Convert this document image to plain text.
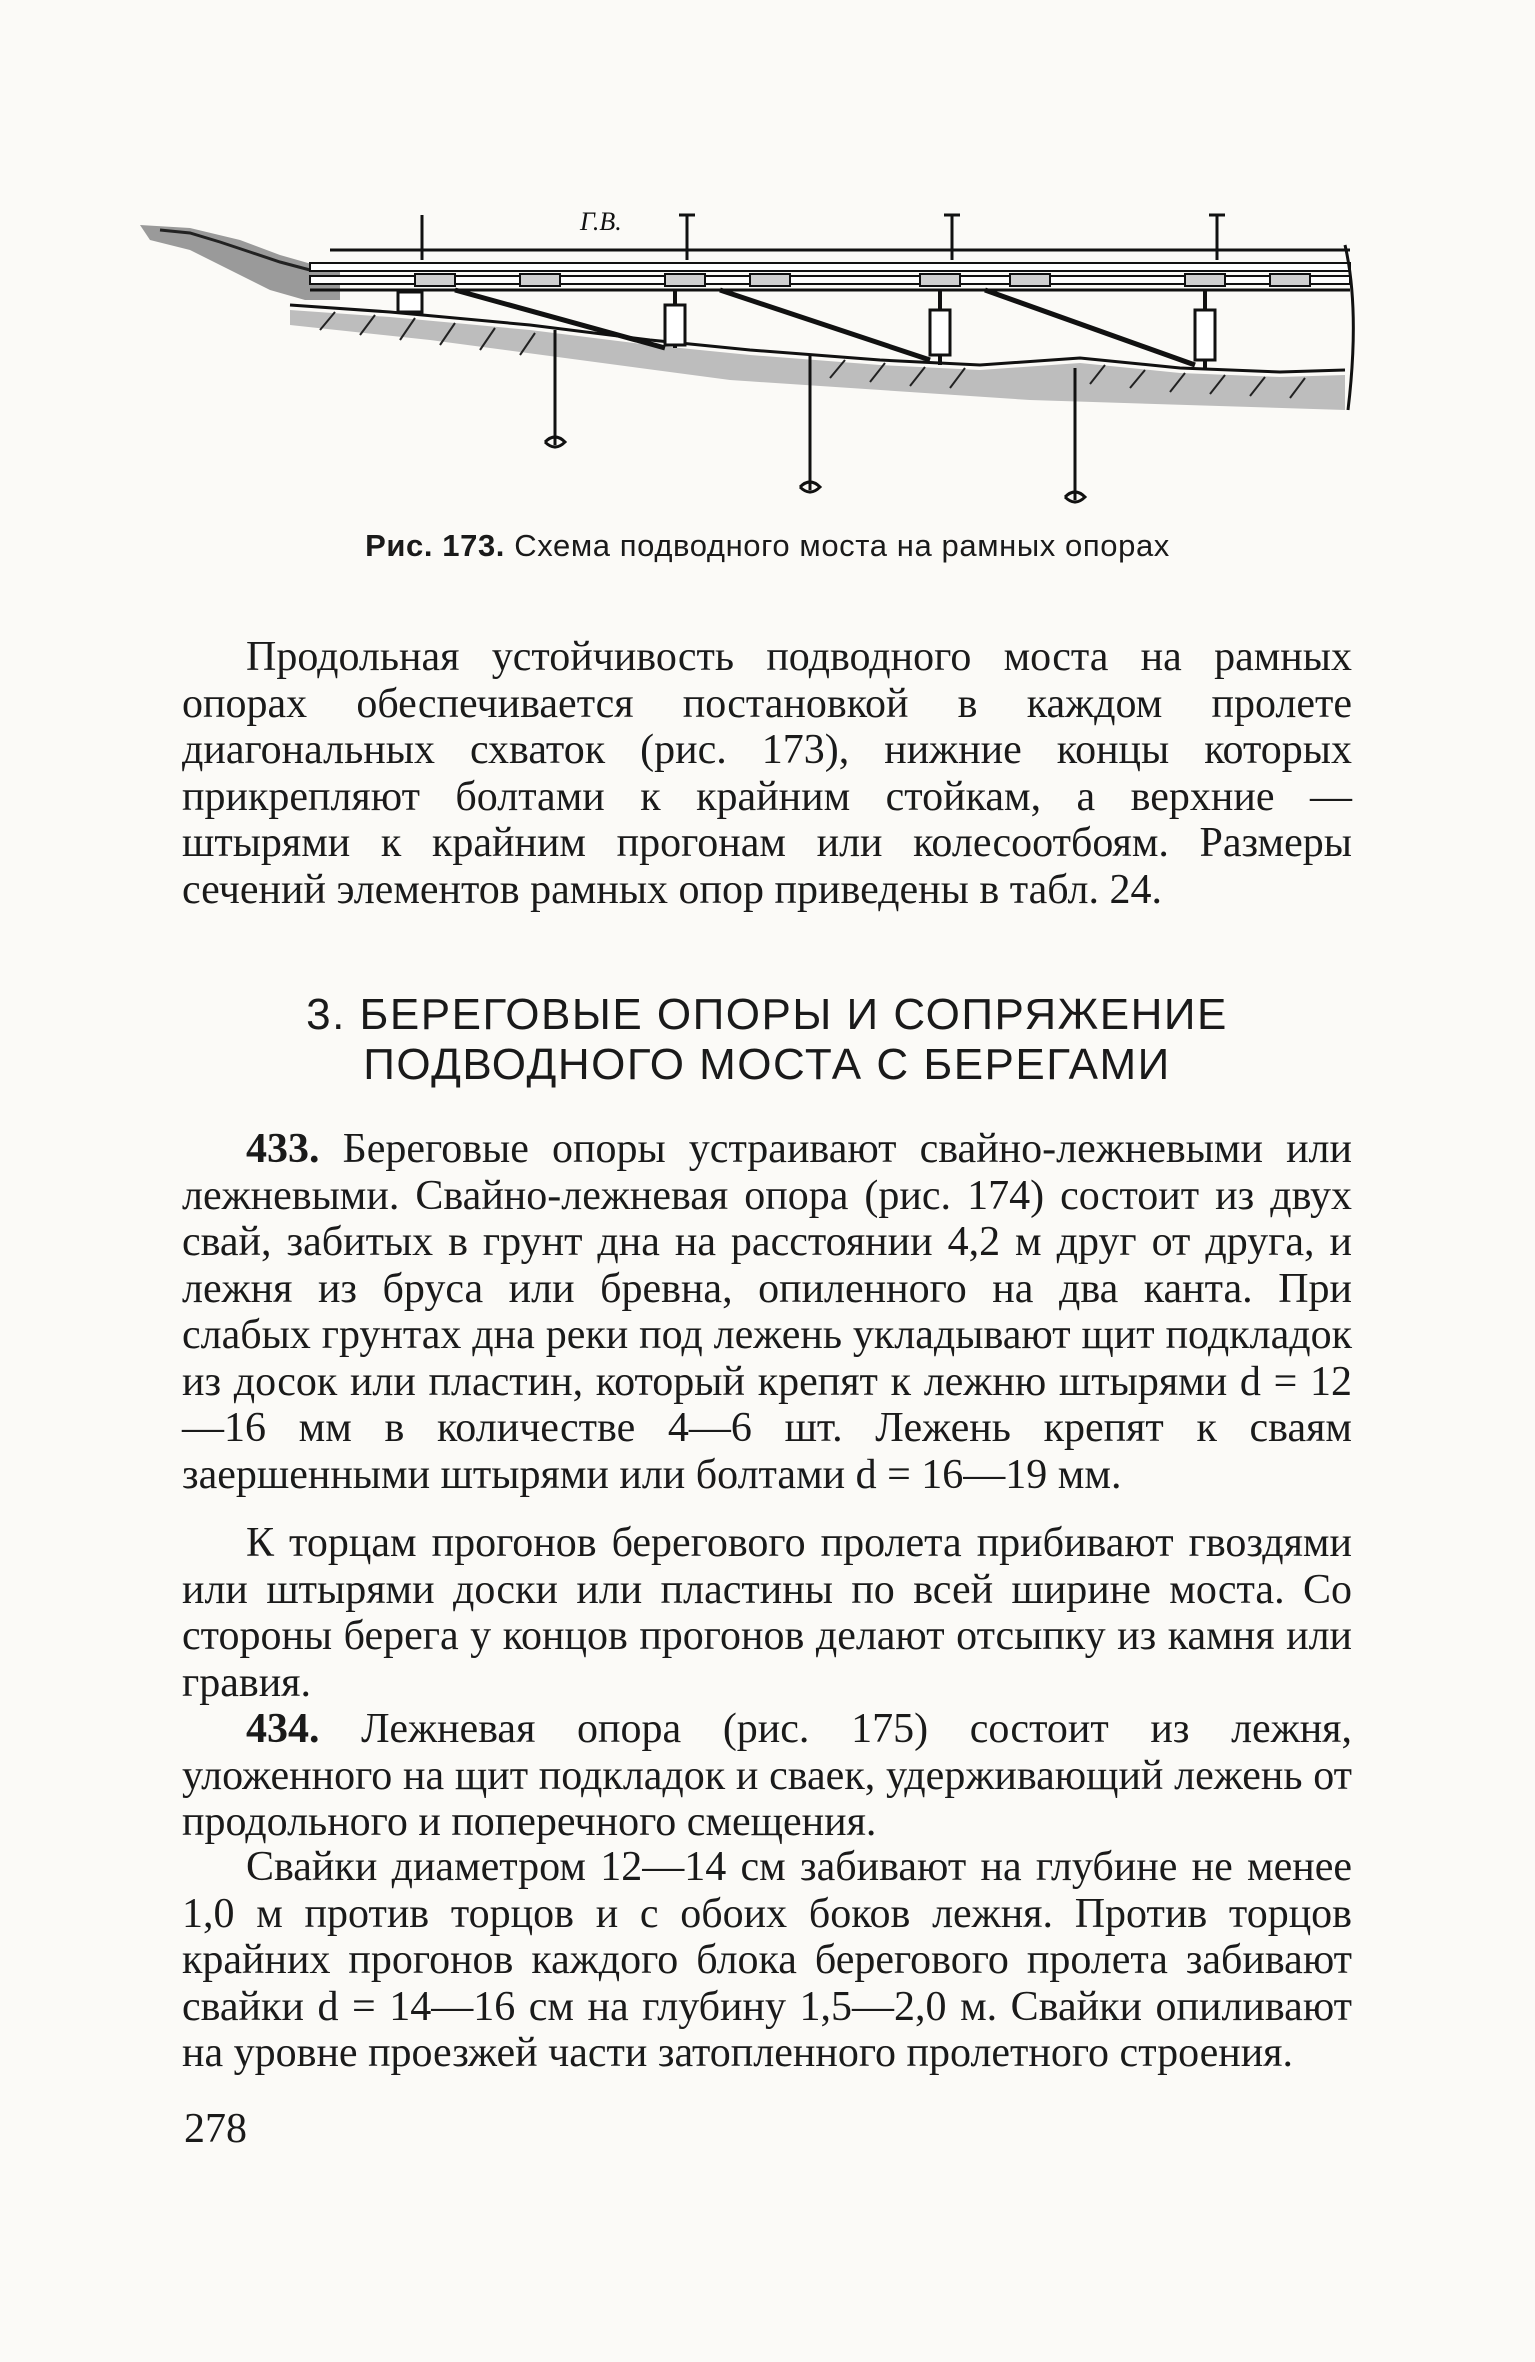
Г.В.
Рис. 173. Схема подводного моста на рамных опорах

Продольная устойчивость подводного моста на рамных опорах обеспечивается постановкой в каждом пролете диагональных схваток (рис. 173), нижние концы которых прикрепляют болтами к крайним стойкам, а верхние — штырями к крайним прогонам или колесоотбоям. Размеры сечений элементов рамных опор приведены в табл. 24.

3. БЕРЕГОВЫЕ ОПОРЫ И СОПРЯЖЕНИЕ
ПОДВОДНОГО МОСТА С БЕРЕГАМИ

433. Береговые опоры устраивают свайно-лежневыми или лежневыми. Свайно-лежневая опора (рис. 174) состоит из двух свай, забитых в грунт дна на расстоянии 4,2 м друг от друга, и лежня из бруса или бревна, опиленного на два канта. При слабых грунтах дна реки под лежень укладывают щит подкладок из досок или пластин, который крепят к лежню штырями d = 12—16 мм в количестве 4—6 шт. Лежень крепят к сваям заершенными штырями или болтами d = 16—19 мм.

К торцам прогонов берегового пролета прибивают гвоздями или штырями доски или пластины по всей ширине моста. Со стороны берега у концов прогонов делают отсыпку из камня или гравия.

434. Лежневая опора (рис. 175) состоит из лежня, уложенного на щит подкладок и сваек, удерживающий лежень от продольного и поперечного смещения.

Свайки диаметром 12—14 см забивают на глубине не менее 1,0 м против торцов и с обоих боков лежня. Против торцов крайних прогонов каждого блока берегового пролета забивают свайки d = 14—16 см на глубину 1,5—2,0 м. Свайки опиливают на уровне проезжей части затопленного пролетного строения.

278
